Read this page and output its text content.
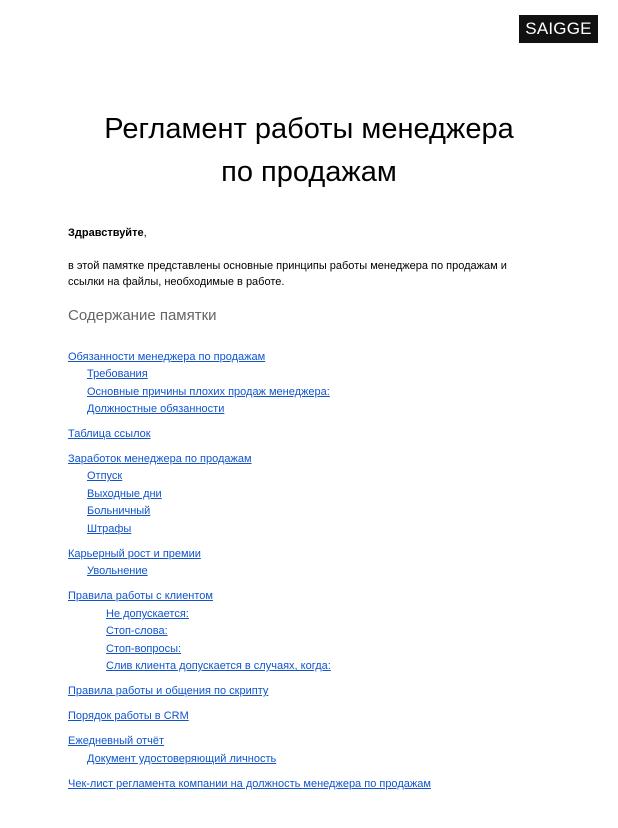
SAIGGE
Регламент работы менеджера
по продажам
Здравствуйте,

в этой памятке представлены основные принципы работы менеджера по продажам и
ссылки на файлы, необходимые в работе.

Содержание памятки
Обязанности менеджера по продажам
Требования
Основные причины плохих продаж менеджера:
Должностные обязанности
Таблица ссылок
Заработок менеджера по продажам
Отпуск
Выходные дни
Больничный
Штрафы
Карьерный рост и премии
Увольнение
Правила работы с клиентом
Не допускается:
Стоп-слова:
Стоп-вопросы:
Слив клиента допускается в случаях, когда:
Правила работы и общения по скрипту
Порядок работы в CRM
Ежедневный отчёт
Документ удостоверяющий личность
Чек-лист регламента компании на должность менеджера по продажам
